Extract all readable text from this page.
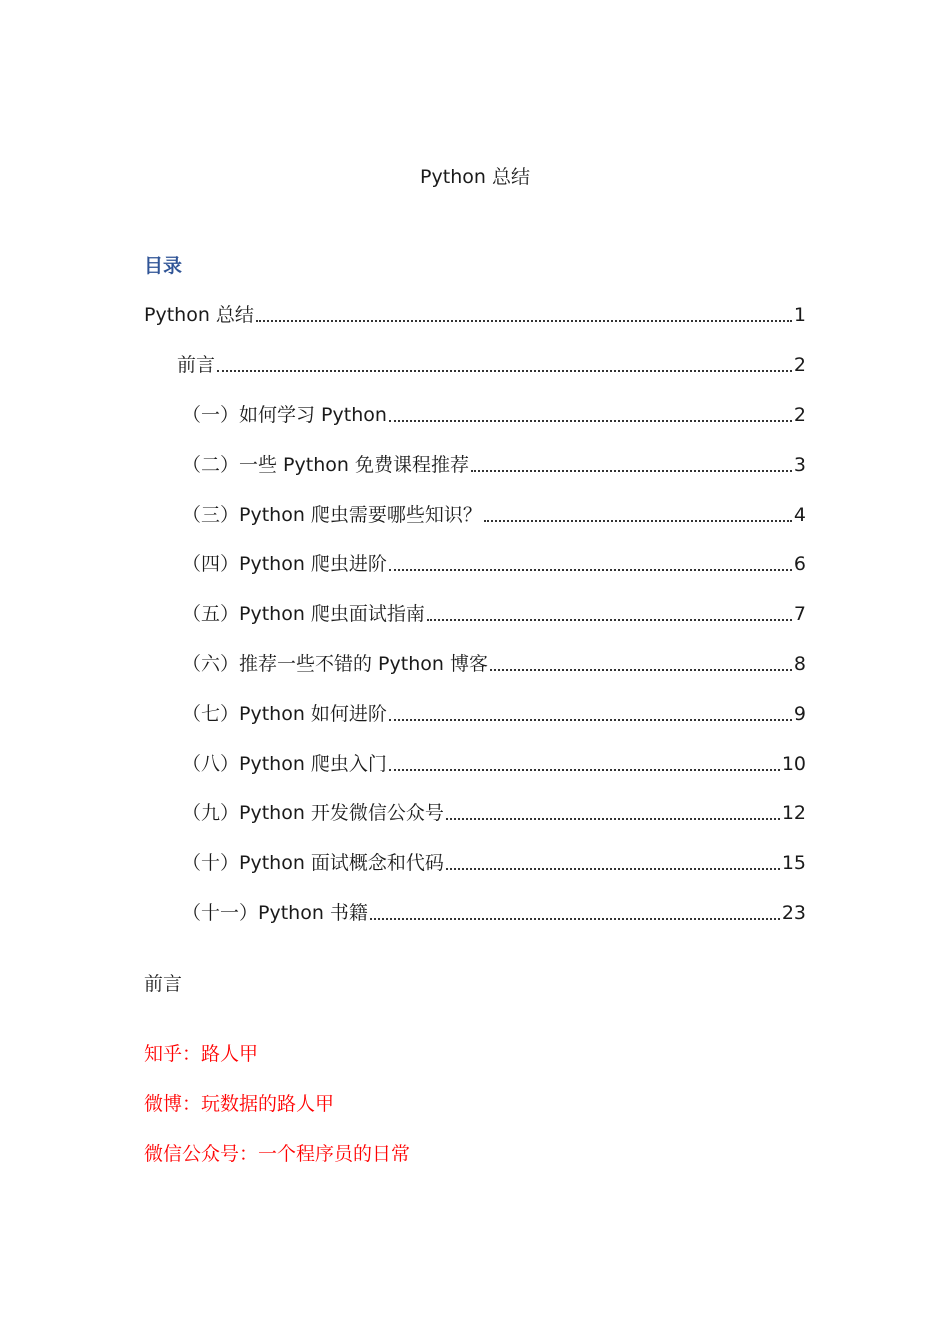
Python 总结
目录
Python 总结	1
前言	2
（一）如何学习 Python	2
（二）一些 Python 免费课程推荐	3
（三）Python 爬虫需要哪些知识？	4
（四）Python 爬虫进阶	6
（五）Python 爬虫面试指南	7
（六）推荐一些不错的 Python 博客	8
（七）Python 如何进阶	9
（八）Python 爬虫入门	10
（九）Python 开发微信公众号	12
（十）Python 面试概念和代码	15
（十一）Python 书籍	23
前言
知乎：路人甲
微博：玩数据的路人甲
微信公众号：一个程序员的日常
